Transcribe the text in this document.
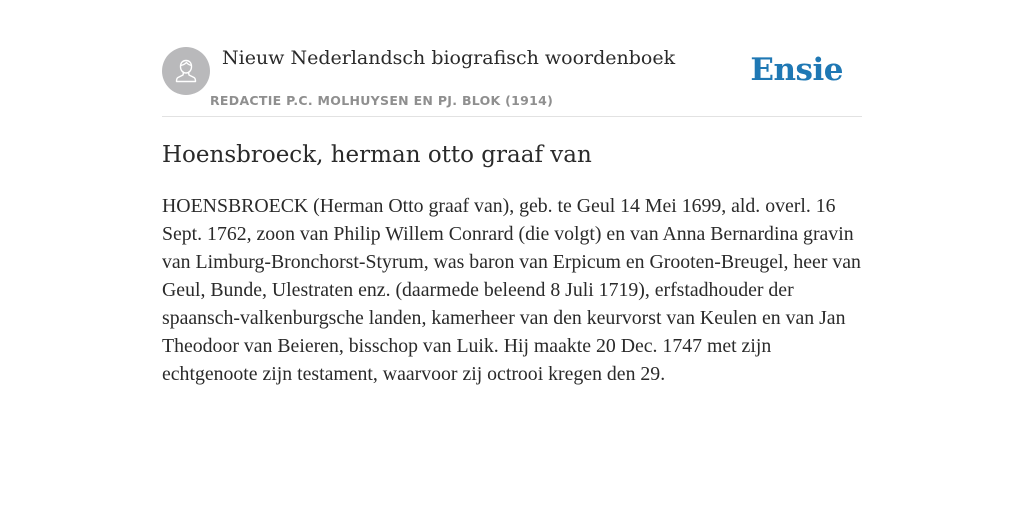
Nieuw Nederlandsch biografisch woordenboek
REDACTIE P.C. MOLHUYSEN EN PJ. BLOK (1914)
Ensie
Hoensbroeck, herman otto graaf van

HOENSBROECK (Herman Otto graaf van), geb. te Geul 14 Mei 1699, ald. overl. 16 Sept. 1762, zoon van Philip Willem Conrard (die volgt) en van Anna Bernardina gravin van Limburg-Bronchorst-Styrum, was baron van Erpicum en Grooten-Breugel, heer van Geul, Bunde, Ulestraten enz. (daarmede beleend 8 Juli 1719), erfstadhouder der spaansch-valkenburgsche landen, kamerheer van den keurvorst van Keulen en van Jan Theodoor van Beieren, bisschop van Luik. Hij maakte 20 Dec. 1747 met zijn echtgenoote zijn testament, waarvoor zij octrooi kregen den 29.
